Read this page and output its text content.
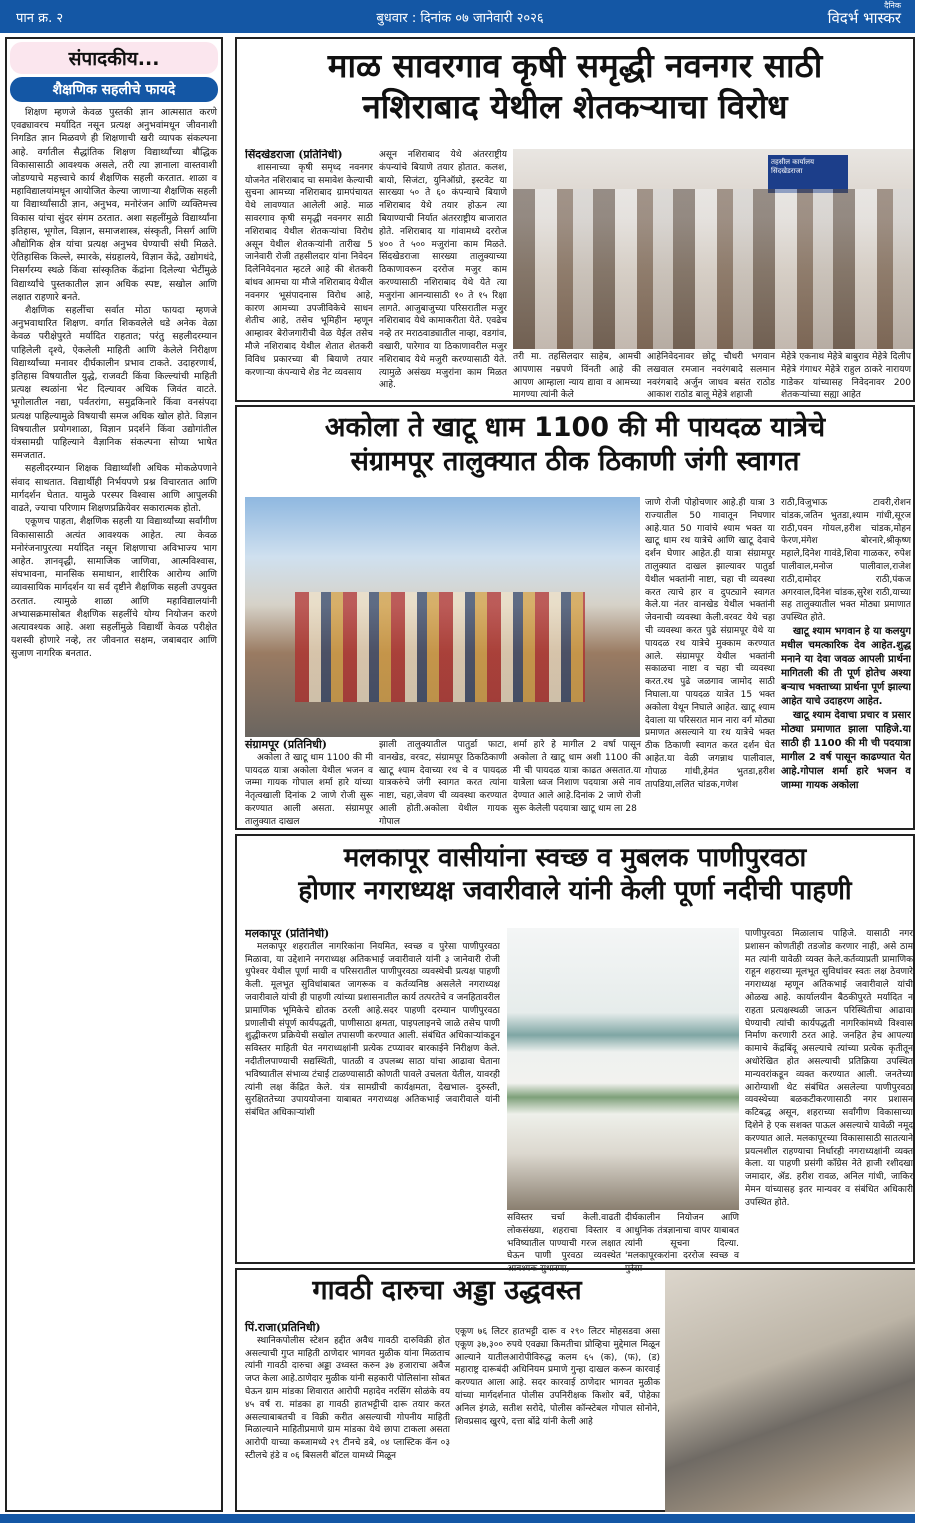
पान क्र. २	बुधवार : दिनांक ०७ जानेवारी २०२६
दैनिक
विदर्भ भास्कर
संपादकीय...
शैक्षणिक सहलीचे फायदे

शिक्षण म्हणजे केवळ पुस्तकी ज्ञान आत्मसात करणे एवढ्यावरच मर्यादित नसून प्रत्यक्ष अनुभवांमधून जीवनाशी निगडित ज्ञान मिळवणे ही शिक्षणाची खरी व्यापक संकल्पना आहे. वर्गातील सैद्धांतिक शिक्षण विद्यार्थ्यांच्या बौद्धिक विकासासाठी आवश्यक असले, तरी त्या ज्ञानाला वास्तवाशी जोडण्याचे महत्त्वाचे कार्य शैक्षणिक सहली करतात. शाळा व महाविद्यालयांमधून आयोजित केल्या जाणाऱ्या शैक्षणिक सहली या विद्यार्थ्यांसाठी ज्ञान, अनुभव, मनोरंजन आणि व्यक्तिमत्त्व विकास यांचा सुंदर संगम ठरतात. अशा सहलींमुळे विद्यार्थ्यांना इतिहास, भूगोल, विज्ञान, समाजशास्त्र, संस्कृती, निसर्ग आणि औद्योगिक क्षेत्र यांचा प्रत्यक्ष अनुभव घेण्याची संधी मिळते. ऐतिहासिक किल्ले, स्मारके, संग्रहालये, विज्ञान केंद्रे, उद्योगधंदे, निसर्गरम्य स्थळे किंवा सांस्कृतिक केंद्रांना दिलेल्या भेटींमुळे विद्यार्थ्यांचे पुस्तकातील ज्ञान अधिक स्पष्ट, सखोल आणि लक्षात राहणारे बनते.

शैक्षणिक सहलींचा सर्वात मोठा फायदा म्हणजे अनुभवाधारित शिक्षण. वर्गात शिकवलेले धडे अनेक वेळा केवळ परीक्षेपुरते मर्यादित राहतात; परंतु सहलीदरम्यान पाहिलेली दृश्ये, ऐकलेली माहिती आणि केलेले निरीक्षण विद्यार्थ्यांच्या मनावर दीर्घकालीन प्रभाव टाकते. उदाहरणार्थ, इतिहास विषयातील युद्धे, राजवटी किंवा किल्ल्यांची माहिती प्रत्यक्ष स्थळांना भेट दिल्यावर अधिक जिवंत वाटते. भूगोलातील नद्या, पर्वतरांगा, समुद्रकिनारे किंवा वनसंपदा प्रत्यक्ष पाहिल्यामुळे विषयाची समज अधिक खोल होते. विज्ञान विषयातील प्रयोगशाळा, विज्ञान प्रदर्शने किंवा उद्योगांतील यंत्रसामग्री पाहिल्याने वैज्ञानिक संकल्पना सोप्या भाषेत समजतात.

सहलीदरम्यान शिक्षक विद्यार्थ्यांशी अधिक मोकळेपणाने संवाद साधतात. विद्यार्थीही निर्भयपणे प्रश्न विचारतात आणि मार्गदर्शन घेतात. यामुळे परस्पर विश्वास आणि आपुलकी वाढते, ज्याचा परिणाम शिक्षणप्रक्रियेवर सकारात्मक होतो.

एकूणच पाहता, शैक्षणिक सहली या विद्यार्थ्यांच्या सर्वांगीण विकासासाठी अत्यंत आवश्यक आहेत. त्या केवळ मनोरंजनापुरत्या मर्यादित नसून शिक्षणाचा अविभाज्य भाग आहेत. ज्ञानवृद्धी, सामाजिक जाणिवा, आत्मविश्वास, संघभावना, मानसिक समाधान, शारीरिक आरोग्य आणि व्यावसायिक मार्गदर्शन या सर्व दृष्टीने शैक्षणिक सहली उपयुक्त ठरतात. त्यामुळे शाळा आणि महाविद्यालयांनी अभ्यासक्रमासोबत शैक्षणिक सहलींचे योग्य नियोजन करणे अत्यावश्यक आहे. अशा सहलींमुळे विद्यार्थी केवळ परीक्षेत यशस्वी होणारे नव्हे, तर जीवनात सक्षम, जबाबदार आणि सुजाण नागरिक बनतात.

माळ सावरगाव कृषी समृद्धी नवनगर साठी
नशिराबाद येथील शेतकऱ्याचा विरोध

सिंदखेडराजा (प्रतिनिधी)

शासनाच्या कृषी समृध्द नवनगर योजनेत नशिराबाद चा समावेश केल्याची सुचना आमच्या नशिराबाद ग्रामपंचायत येथे लावण्यात आलेली आहे. माळ सावरगाव कृषी समृद्धी नवनगर साठी नशिराबाद येथील शेतकऱ्यांचा विरोध असून येथील शेतकऱ्यांनी तारीख 5 जानेवारी रोजी तहसीलदार यांना निवेदन दिलेनिवेदनात म्हटले आहे की शेतकरी बांधव आमचा या मौजे नशिराबाद येथील नवनगर भूसंपादनास विरोध आहे, कारण आमच्या उपजीविकेचे साधन शेतीच आहे, तसेच भूमिहीन म्हणून आम्हावर बेरोजगारीची वेळ येईल तसेच मौजे नशिराबाद येथील शेतात शेतकरी विविध प्रकारच्या बी बियाणे तयार करणाऱ्या कंपन्याचे शेड नेट व्यवसाय

असून नशिराबाद येथे अंतरराष्ट्रीय कंपन्यांचे बियाणे तयार होतात. कलश, बायो, सिजंटा, युनिऑग्रो, इस्टवेट या सारख्या ५० ते ६० कंपन्याचे बियाणे नशिराबाद येथे तयार होऊन त्या बियाण्याची निर्यात अंतरराष्ट्रीय बाजारात होते. नशिराबाद या गांवामध्ये दररोज ४०० ते ५०० मजुरांना काम मिळते. सिंदखेडराजा सारख्या तालुक्याच्या ठिकाणावरून दररोज मजुर काम करण्यासाठी नशिराबाद येथे येते त्या मजुरांना आनन्यासाठी १० ते १५ रिक्षा लागते. आजुबाजुच्या परिसरातील मजुर नशिराबाद येथे कामाकरीता येते. एवढेच नव्हे तर मराठवाड्यातील नाव्हा, वडगांव, वखारी, पारेगाव या ठिकाणावरील मजुर नशिराबाद येथे मजुरी करण्यासाठी येते. त्यामुळे असंख्य मजुरांना काम मिळत आहे.

तहसील कार्यालय सिंदखेडराजा
तरी मा. तहसिलदार साहेब, आमची आपणास नम्रपणे विंनती आहे की आपण आम्हाला न्याय द्यावा व आमच्या मागण्या त्यांनी केले
आहेनिवेदनावर छोटू चौधरी भगवान लखवाल रमजान नवरंगबादे सलमान नवरंगबादे अर्जुन जाधव बसंत राठोड आकाश राठोड बालू मेहेत्रे शहाजी
मेहेत्रे एकनाथ मेहेत्रे बाबुराव मेहेत्रे दिलीप मेहेत्रे गंगाधर मेहेत्रे राहुल ठाकरे नारायण गाडेकर यांच्यासह निवेदनावर 200 शेतकऱ्यांच्या सह्या आहेत
अकोला ते खाटू धाम 1100 की मी पायदळ यात्रेचे
संग्रामपूर तालुक्यात ठीक ठिकाणी जंगी स्वागत

संग्रामपूर (प्रतिनिधी)

अकोला ते खाटू धाम 1100 की मी पायदळ यात्रा अकोला येथील भजन व जम्मा गायक गोपाल शर्मा हारे यांच्या नेतृत्वखाली दिनांक 2 जाणे रोजी सुरू करण्यात आली असता. संग्रामपूर तालुक्यात दाखल

झाली तालुक्यातील पातुर्डा फाटा, वानखेड, वरवट, संग्रामपूर ठिकठिकाणी खाटू श्याम देवाच्या रथ चे व पायदळ यात्रकरुंचे जंगी स्वागत करत त्यांना नाष्टा, चहा,जेवण ची व्यवस्था करण्यात आली होती.अकोला येथील गायक गोपाल
शर्मा हारे हे मागील 2 वर्षा पासून अकोला ते खाटू धाम अशी 1100 की मी ची पायदळ यात्रा काढत असतात.या यात्रेला ध्वज निशाण पदयात्रा असे नाव देण्यात आले आहे.दिनांक 2 जाणे रोजी सुरू केलेली पदयात्रा खाटू धाम ला 28
जाणे रोजी पोहोचणार आहे.ही यात्रा 3 राज्यातील 50 गावातून निघणार आहे.यात 50 गावांचे श्याम भक्त या खाटू धाम रथ यात्रेचे आणि खाटू देवाचे दर्शन घेणार आहेत.ही यात्रा संग्रामपूर तालुक्यात दाखल झाल्यावर पातुर्डा येथील भक्तांनी नाष्टा, चहा ची व्यवस्था करत त्याचे हार व दुपट्याने स्वागत केले.या नंतर वानखेड येथील भक्तांनी जेवनाची व्यवस्था केली.वरवट येथे चहा ची व्यवस्था करत पुढे संग्रामपूर येथे या पायदळ रथ यात्रेचे मुक्काम करण्यात आले. संग्रामपूर येथील भक्तांनी सकाळचा नाष्टा व चहा ची व्यवस्था करत.रथ पुढे जळगाव जामोद साठी निघाला.या पायदळ यात्रेत 15 भक्त अकोला येथून निघाले आहेत. खाटू श्याम देवाला या परिसरात मान नारा वर्ग मोठ्या प्रमाणत असल्याने या रथ यात्रेचे भक्त ठीक ठिकाणी स्वागत करत दर्शन घेत आहेत.या वेळी जगन्नाथ पालीवाल, गोपाळ गांधी,हेमंत भुतडा,हरीश तापडिया,ललित चांडक,गणेश

राठी,विजुभाऊ टावरी,रोशन चांडक,जतिन भुतडा,श्याम गांधी,सूरज राठी,पवन गोयल,हरीश चांडक,मोहन फेरण,मंगेश बोरनारे,श्रीकृष्ण महाले,दिनेश गावंडे,शिवा गाळकर, रुपेश पालीवाल,मनोज पालीवाल,राजेश राठी,दामोदर राठी,पंकज अगरवाल,दिनेश चांडक,सुरेश राठी,याच्या सह तालुक्यातील भक्त मोठ्या प्रमाणात उपस्थित होते.

खाटू श्याम भगवान हे या कलयुग मधील चमत्कारिक देव आहेत.शुद्ध मनाने या देवा जवळ आपली प्रार्थना मागितली की ती पूर्ण होतेच अश्या बऱ्याच भक्ताच्या प्रार्थना पूर्ण झाल्या आहेत याचे उदाहरण आहेत.

खाटू श्याम देवाचा प्रचार व प्रसार मोठ्या प्रमाणात झाला पाहिजे.या साठी ही 1100 की मी ची पदयात्रा मागील 2 वर्ष पासून काढण्यात येत आहे.गोपाल शर्मा हारे भजन व जाम्मा गायक अकोला

मलकापूर वासीयांना स्वच्छ व मुबलक पाणीपुरवठा
होणार नगराध्यक्ष जवारीवाले यांनी केली पूर्णा नदीची पाहणी

मलकापूर (प्रतिनिधी)

मलकापूर शहरातील नागरिकांना नियमित, स्वच्छ व पुरेसा पाणीपुरवठा मिळावा, या उद्देशाने नगराध्यक्ष अतिकभाई जवारीवाले यांनी ३ जानेवारी रोजी धुपेश्वर येथील पूर्णा मायी व परिसरातील पाणीपुरवठा व्यवस्थेची प्रत्यक्ष पाहणी केली. मूलभूत सुविधांबाबत जागरूक व कर्तव्यनिष्ठ असलेले नगराध्यक्ष जवारीवाले यांची ही पाहणी त्यांच्या प्रशासनातील कार्य तत्परतेचे व जनहितावरील प्रामाणिक भूमिकेचे द्योतक ठरली आहे.सदर पाहणी दरम्यान पाणीपुरवठा प्रणालीची संपूर्ण कार्यपद्धती, पाणीसाठा क्षमता, पाइपलाइनचे जाळे तसेच पाणी शुद्धीकरण प्रक्रियेची सखोल तपासणी करण्यात आली. संबंधित अधिकाऱ्यांकडून सविस्तर माहिती घेत नगराध्यक्षांनी प्रत्येक टप्प्यावर बारकाईने निरीक्षण केले. नदीतीलपाण्याची सद्यस्थिती, पातळी व उपलब्ध साठा यांचा आढावा घेताना भविष्यातील संभाव्य टंचाई टाळण्यासाठी कोणती पावले उचलता येतील, यावरही त्यांनी लक्ष केंद्रित केले. यंत्र सामग्रीची कार्यक्षमता, देखभाल- दुरुस्ती, सुरक्षिततेच्या उपाययोजना याबाबत नगराध्यक्ष अतिकभाई जवारीवाले यांनी संबंधित अधिकाऱ्यांशी

सविस्तर चर्चा केली.वाढती लोकसंख्या, शहराचा विस्तार व भविष्यातील पाण्याची गरज लक्षात घेऊन पाणी पुरवठा व्यवस्थेत आवश्यक सुधारणा,
दीर्घकालीन नियोजन आणि आधुनिक तंत्रज्ञानाचा वापर याबाबत त्यांनी सूचना दिल्या. 'मलकापूरकरांना दररोज स्वच्छ व पुरेसा
पाणीपुरवठा मिळालाच पाहिजे. यासाठी नगर प्रशासन कोणतीही तडजोड करणार नाही, असे ठाम मत त्यांनी यावेळी व्यक्त केले.कर्तव्याप्रती प्रामाणिक राहून शहराच्या मूलभूत सुविधांवर स्वतः लक्ष ठेवणारे नगराध्यक्ष म्हणून अतिकभाई जवारीवाले यांची ओळख आहे. कार्यालयीन बैठकीपुरते मर्यादित न राहता प्रत्यक्षस्थळी जाऊन परिस्थितीचा आढावा घेण्याची त्यांची कार्यपद्धती नागरिकांमध्ये विश्वास निर्माण करणारी ठरत आहे. जनहित हेच आपल्या कामाचे केंद्रबिंदू असल्याचे त्यांच्या प्रत्येक कृतीतून अधोरेखित होत असल्याची प्रतिक्रिया उपस्थित मान्यवरांकडून व्यक्त करण्यात आली. जनतेच्या आरोग्याशी थेट संबंधित असलेल्या पाणीपुरवठा व्यवस्थेच्या बळकटीकरणासाठी नगर प्रशासन कटिबद्ध असून, शहराच्या सर्वांगीण विकासाच्या दिशेने हे एक सशक्त पाऊल असल्याचे यावेळी नमूद करण्यात आले. मलकापूरच्या विकासासाठी सातत्याने प्रयत्नशील राहण्याचा निर्धारही नगराध्यक्षांनी व्यक्त केला. या पाहणी प्रसंगी काँग्रेस नेते हाजी रशीदखा जमादार, ॲड. हरीश रावळ, अनिल गांधी, जाकिर मेमन यांच्यासह इतर मान्यवर व संबंधित अधिकारी उपस्थित होते.
गावठी दारुचा अड्डा उद्धवस्त

पिं.राजा(प्रतिनिधी)

स्थानिकपोलीस स्टेशन हद्दीत अवैध गावठी दारुविक्री होत असल्याची गुप्त माहिती ठाणेदार भागवत मुळीक यांना मिळताच त्यांनी गावठी दारुचा अड्डा उध्वस्त करुन ३७ हजाराचा अवैज जप्त केला आहे.ठाणेदार मुळीक यांनी सहकारी पोलिसांना सोबत घेऊन ग्राम मांडका शिवारात आरोपी महादेव नरसिंग सोळंके वय ४५ वर्ष रा. मांडका हा गावठी हातभट्टीची दारू तयार करत असल्याबाबतची व विक्री करीत असल्याची गोपनीय माहिती मिळाल्याने माहितीप्रमाणे ग्राम मांडका येथे छापा टाकला असता आरोपी याच्या कब्जामध्ये २९ टीनचे डबे, ०४ प्लास्टिक कॅन ०३ स्टीलचे हंडे व ०६ बिसलरी बॉटल यामध्ये मिळून

एकूण ७६ लिटर हातभट्टी दारू व २९० लिटर मोहसडवा असा एकूण ३७,३०० रुपये एवढ्या किमतीचा प्रोव्हिचा मुद्देमाल मिळून आल्याने यातीलआरोपीविरुद्ध कलम ६५ (क), (फ), (ड) महाराष्ट्र दारूबंदी अधिनियम प्रमाणे गुन्हा दाखल करून कारवाई करण्यात आला आहे. सदर कारवाई ठाणेदार भागवत मुळीक यांच्या मार्गदर्शनात पोलीस उपनिरीक्षक किशोर बर्वे, पोहेका अनिल इंगळे, सतीश सरोदे, पोलीस कॉन्स्टेबल गोपाल सोनोने, शिवप्रसाद खुरपे, दत्ता बोंद्रे यांनी केली आहे
